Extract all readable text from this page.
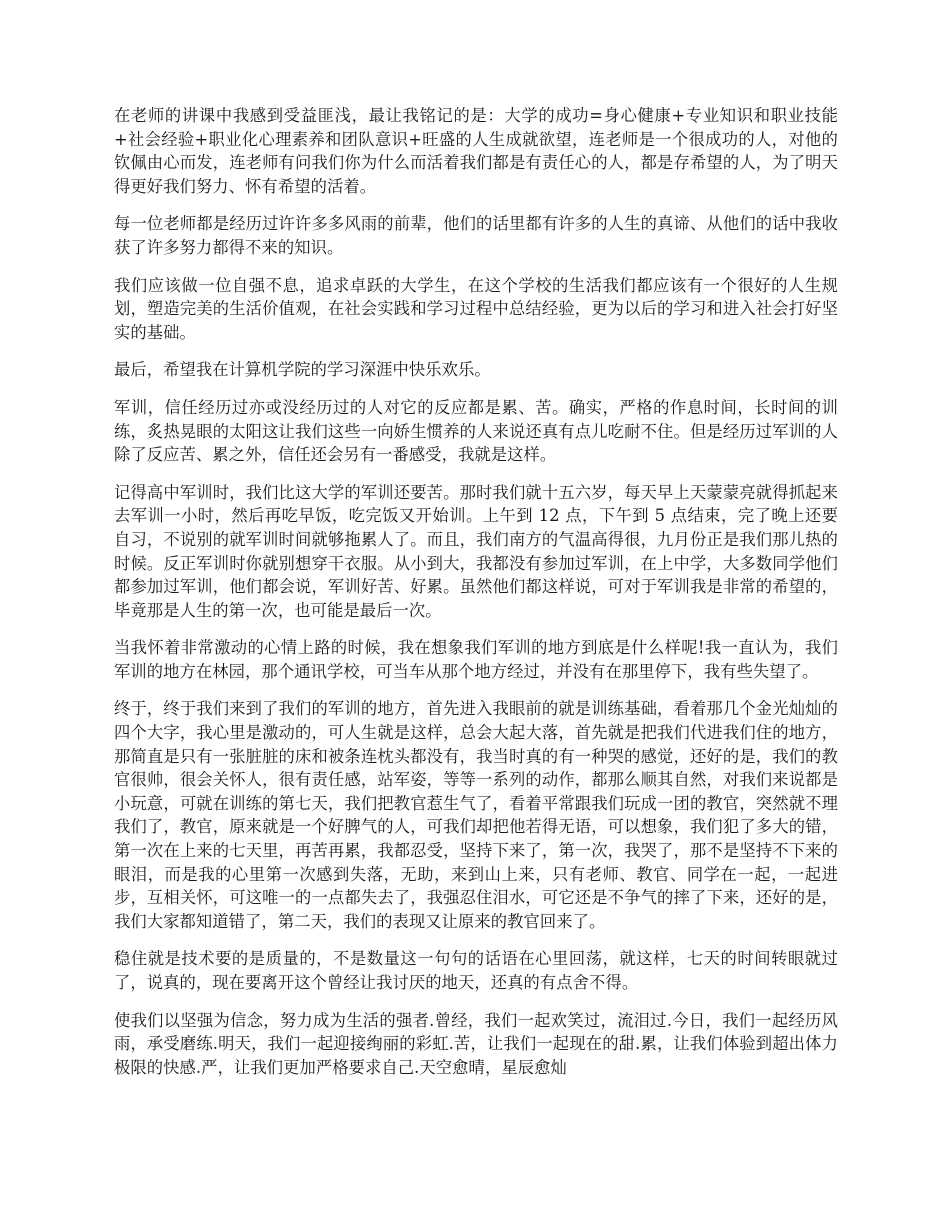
在老师的讲课中我感到受益匪浅，最让我铭记的是：大学的成功=身心健康+专业知识和职业技能+社会经验+职业化心理素养和团队意识+旺盛的人生成就欲望，连老师是一个很成功的人，对他的钦佩由心而发，连老师有问我们你为什么而活着我们都是有责任心的人，都是存希望的人，为了明天得更好我们努力、怀有希望的活着。

每一位老师都是经历过许许多多风雨的前辈，他们的话里都有许多的人生的真谛、从他们的话中我收获了许多努力都得不来的知识。

我们应该做一位自强不息，追求卓跃的大学生，在这个学校的生活我们都应该有一个很好的人生规划，塑造完美的生活价值观，在社会实践和学习过程中总结经验，更为以后的学习和进入社会打好坚实的基础。

最后，希望我在计算机学院的学习深涯中快乐欢乐。

军训，信任经历过亦或没经历过的人对它的反应都是累、苦。确实，严格的作息时间，长时间的训练，炙热晃眼的太阳这让我们这些一向娇生惯养的人来说还真有点儿吃耐不住。但是经历过军训的人除了反应苦、累之外，信任还会另有一番感受，我就是这样。

记得高中军训时，我们比这大学的军训还要苦。那时我们就十五六岁，每天早上天蒙蒙亮就得抓起来去军训一小时，然后再吃早饭，吃完饭又开始训。上午到 12 点，下午到 5 点结束，完了晚上还要自习，不说别的就军训时间就够拖累人了。而且，我们南方的气温高得很，九月份正是我们那儿热的时候。反正军训时你就别想穿干衣服。从小到大，我都没有参加过军训，在上中学，大多数同学他们都参加过军训，他们都会说，军训好苦、好累。虽然他们都这样说，可对于军训我是非常的希望的，毕竟那是人生的第一次，也可能是最后一次。

当我怀着非常激动的心情上路的时候，我在想象我们军训的地方到底是什么样呢!我一直认为，我们军训的地方在林园，那个通讯学校，可当车从那个地方经过，并没有在那里停下，我有些失望了。

终于，终于我们来到了我们的军训的地方，首先进入我眼前的就是训练基础，看着那几个金光灿灿的四个大字，我心里是激动的，可人生就是这样，总会大起大落，首先就是把我们代进我们住的地方，那简直是只有一张脏脏的床和被条连枕头都没有，我当时真的有一种哭的感觉，还好的是，我们的教官很帅，很会关怀人，很有责任感，站军姿，等等一系列的动作，都那么顺其自然，对我们来说都是小玩意，可就在训练的第七天，我们把教官惹生气了，看着平常跟我们玩成一团的教官，突然就不理我们了，教官，原来就是一个好脾气的人，可我们却把他若得无语，可以想象，我们犯了多大的错，第一次在上来的七天里，再苦再累，我都忍受，坚持下来了，第一次，我哭了，那不是坚持不下来的眼泪，而是我的心里第一次感到失落，无助，来到山上来，只有老师、教官、同学在一起，一起进步，互相关怀，可这唯一的一点都失去了，我强忍住泪水，可它还是不争气的摔了下来，还好的是，我们大家都知道错了，第二天，我们的表现又让原来的教官回来了。

稳住就是技术要的是质量的，不是数量这一句句的话语在心里回荡，就这样，七天的时间转眼就过了，说真的，现在要离开这个曾经让我讨厌的地天，还真的有点舍不得。

使我们以坚强为信念，努力成为生活的强者.曾经，我们一起欢笑过，流泪过.今日，我们一起经历风雨，承受磨练.明天，我们一起迎接绚丽的彩虹.苦，让我们一起现在的甜.累，让我们体验到超出体力极限的快感.严，让我们更加严格要求自己.天空愈晴，星辰愈灿
